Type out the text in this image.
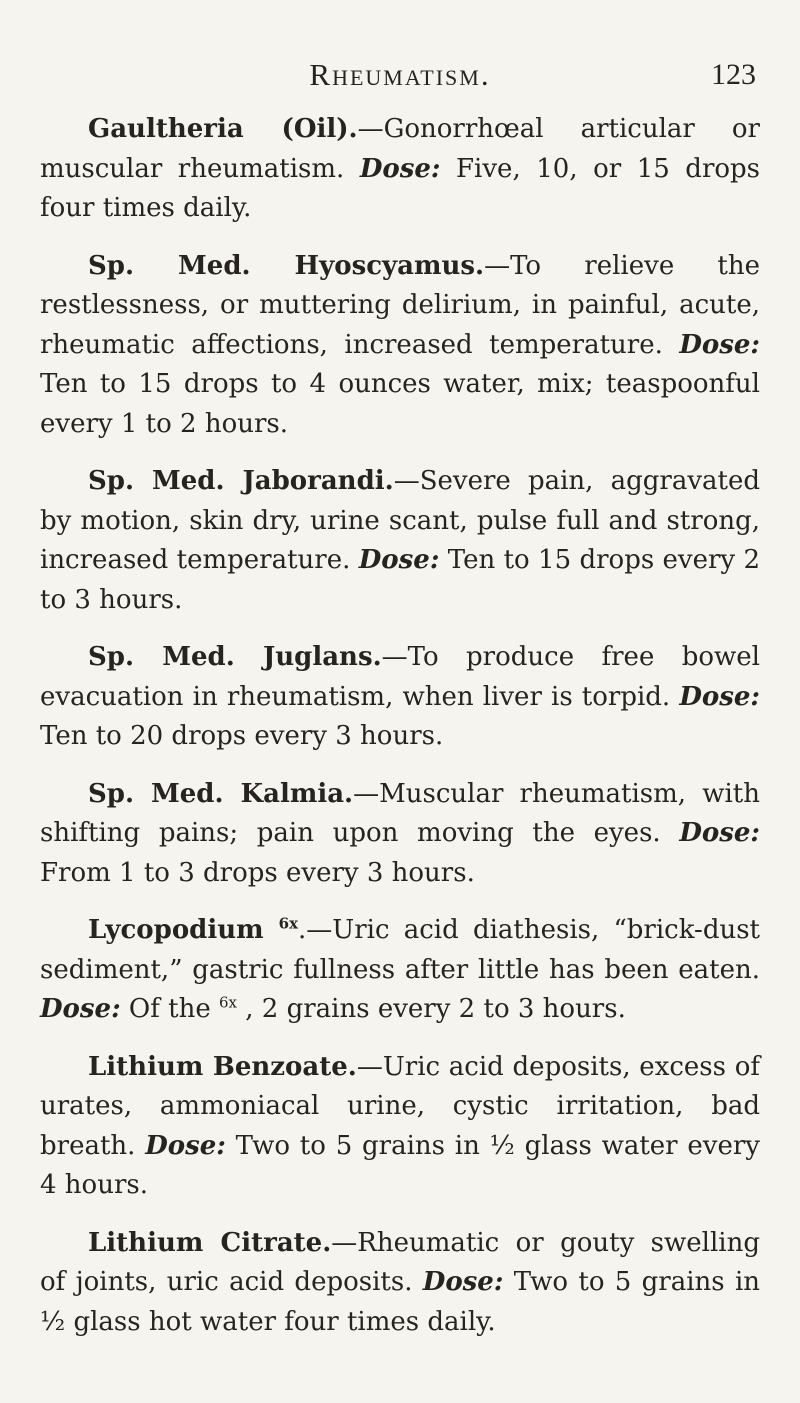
Rheumatism.	123

Gaultheria (Oil).—Gonorrhœal articular or muscular rheumatism. Dose: Five, 10, or 15 drops four times daily.

Sp. Med. Hyoscyamus.—To relieve the restlessness, or muttering delirium, in painful, acute, rheumatic affections, increased temperature. Dose: Ten to 15 drops to 4 ounces water, mix; teaspoonful every 1 to 2 hours.

Sp. Med. Jaborandi.—Severe pain, aggravated by motion, skin dry, urine scant, pulse full and strong, increased temperature. Dose: Ten to 15 drops every 2 to 3 hours.

Sp. Med. Juglans.—To produce free bowel evacuation in rheumatism, when liver is torpid. Dose: Ten to 20 drops every 3 hours.

Sp. Med. Kalmia.—Muscular rheumatism, with shifting pains; pain upon moving the eyes. Dose: From 1 to 3 drops every 3 hours.

Lycopodium $^{6x}$.—Uric acid diathesis, “brick-dust sediment,” gastric fullness after little has been eaten. Dose: Of the $^{6x}$ , 2 grains every 2 to 3 hours.

Lithium Benzoate.—Uric acid deposits, excess of urates, ammoniacal urine, cystic irritation, bad breath. Dose: Two to 5 grains in ½ glass water every 4 hours.

Lithium Citrate.—Rheumatic or gouty swelling of joints, uric acid deposits. Dose: Two to 5 grains in ½ glass hot water four times daily.
